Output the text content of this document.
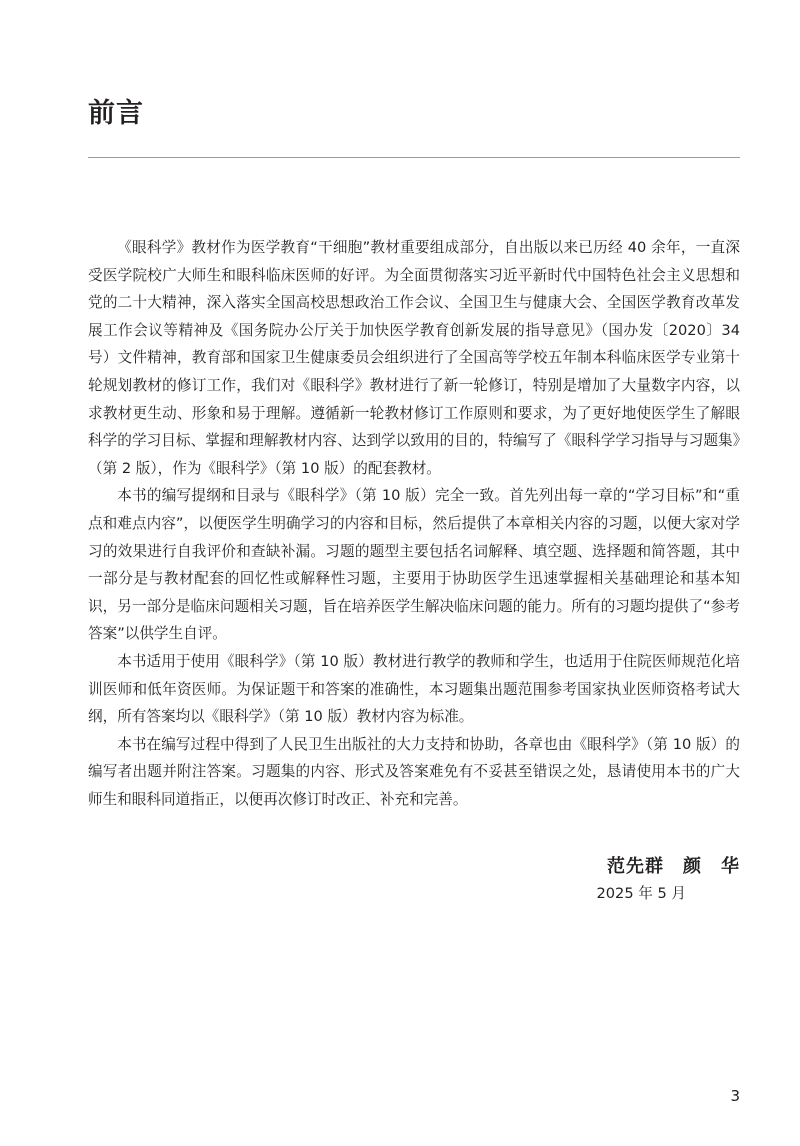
前言

《眼科学》教材作为医学教育“干细胞”教材重要组成部分，自出版以来已历经 40 余年，一直深受医学院校广大师生和眼科临床医师的好评。为全面贯彻落实习近平新时代中国特色社会主义思想和党的二十大精神，深入落实全国高校思想政治工作会议、全国卫生与健康大会、全国医学教育改革发展工作会议等精神及《国务院办公厅关于加快医学教育创新发展的指导意见》（国办发〔2020〕34 号）文件精神，教育部和国家卫生健康委员会组织进行了全国高等学校五年制本科临床医学专业第十轮规划教材的修订工作，我们对《眼科学》教材进行了新一轮修订，特别是增加了大量数字内容，以求教材更生动、形象和易于理解。遵循新一轮教材修订工作原则和要求，为了更好地使医学生了解眼科学的学习目标、掌握和理解教材内容、达到学以致用的目的，特编写了《眼科学学习指导与习题集》（第 2 版），作为《眼科学》（第 10 版）的配套教材。

本书的编写提纲和目录与《眼科学》（第 10 版）完全一致。首先列出每一章的“学习目标”和“重点和难点内容”，以便医学生明确学习的内容和目标，然后提供了本章相关内容的习题，以便大家对学习的效果进行自我评价和查缺补漏。习题的题型主要包括名词解释、填空题、选择题和简答题，其中一部分是与教材配套的回忆性或解释性习题，主要用于协助医学生迅速掌握相关基础理论和基本知识，另一部分是临床问题相关习题，旨在培养医学生解决临床问题的能力。所有的习题均提供了“参考答案”以供学生自评。

本书适用于使用《眼科学》（第 10 版）教材进行教学的教师和学生，也适用于住院医师规范化培训医师和低年资医师。为保证题干和答案的准确性，本习题集出题范围参考国家执业医师资格考试大纲，所有答案均以《眼科学》（第 10 版）教材内容为标准。

本书在编写过程中得到了人民卫生出版社的大力支持和协助，各章也由《眼科学》（第 10 版）的编写者出题并附注答案。习题集的内容、形式及答案难免有不妥甚至错误之处，恳请使用本书的广大师生和眼科同道指正，以便再次修订时改正、补充和完善。

范先群　颜　华
2025 年 5 月
3
